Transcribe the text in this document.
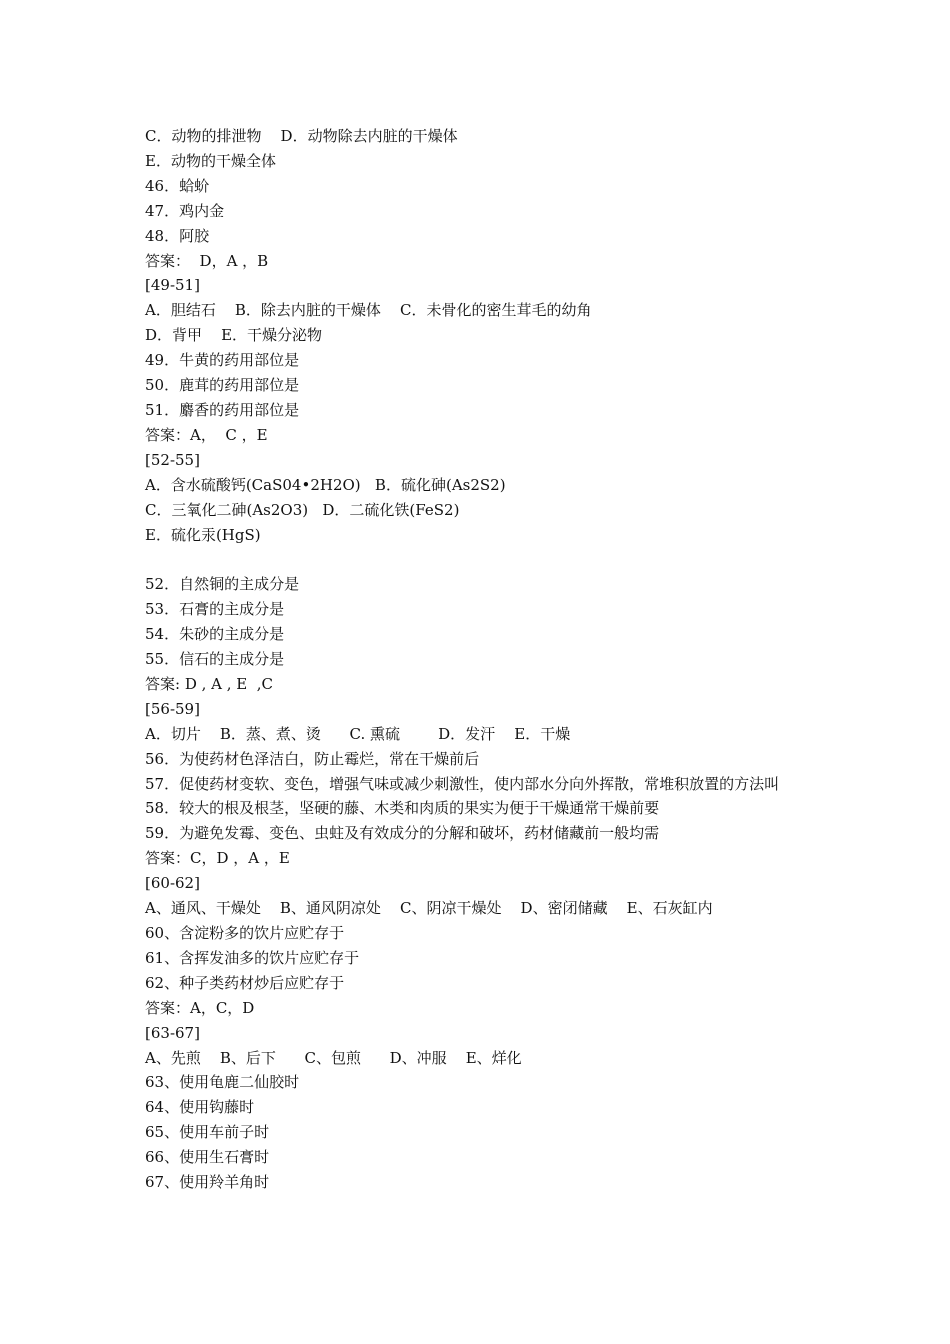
C．动物的排泄物    D．动物除去内脏的干燥体

E．动物的干燥全体

46．蛤蚧

47．鸡内金

48．阿胶

答案：  D，A ，B

[49-51]

A．胆结石    B．除去内脏的干燥体    C．未骨化的密生茸毛的幼角

D．背甲    E．干燥分泌物

49．牛黄的药用部位是

50．鹿茸的药用部位是

51．麝香的药用部位是

答案：A，  C ，E

[52-55]

A．含水硫酸钙(CaS04•2H2O)   B．硫化砷(As2S2)

C．三氧化二砷(As2O3)   D．二硫化铁(FeS2)

E．硫化汞(HgS)

52．自然铜的主成分是

53．石膏的主成分是

54．朱砂的主成分是

55．信石的主成分是

答案: D , A , E  ,C

[56-59]

A．切片    B．蒸、煮、烫      C. 熏硫        D．发汗    E．干燥

56．为使药材色泽洁白，防止霉烂，常在干燥前后

57．促使药材变软、变色，增强气味或减少刺激性，使内部水分向外挥散，常堆积放置的方法叫

58．较大的根及根茎，坚硬的藤、木类和肉质的果实为便于干燥通常干燥前要

59．为避免发霉、变色、虫蛀及有效成分的分解和破坏，药材储藏前一般均需

答案：C，D ，A ，E

[60-62]

A、通风、干燥处    B、通风阴凉处    C、阴凉干燥处    D、密闭储藏    E、石灰缸内

60、含淀粉多的饮片应贮存于

61、含挥发油多的饮片应贮存于

62、种子类药材炒后应贮存于

答案：A，C，D

[63-67]

A、先煎    B、后下      C、包煎      D、冲服    E、烊化

63、使用龟鹿二仙胶时

64、使用钩藤时

65、使用车前子时

66、使用生石膏时

67、使用羚羊角时
